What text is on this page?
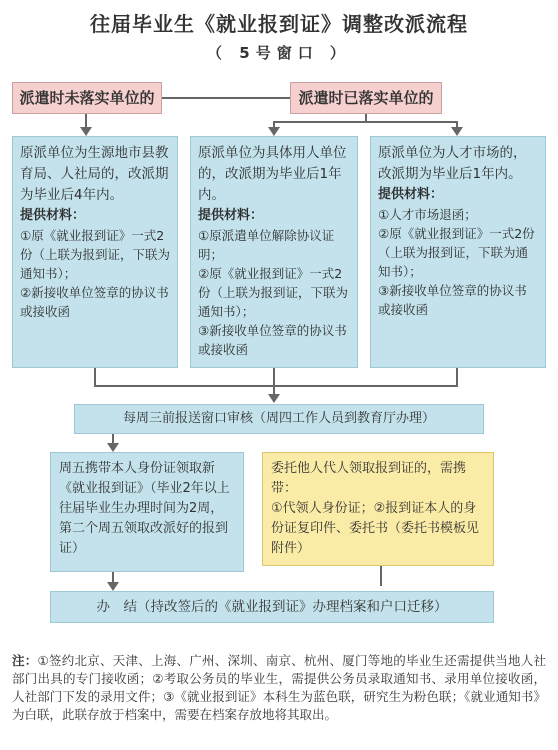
往届毕业生《就业报到证》调整改派流程
（ 5号窗口 ）
派遣时未落实单位的	派遣时已落实单位的
原派单位为生源地市县教育局、人社局的，改派期为毕业后4年内。
提供材料：
①原《就业报到证》一式2份（上联为报到证，下联为通知书）；
②新接收单位签章的协议书或接收函
原派单位为具体用人单位的，改派期为毕业后1年内。
提供材料：
①原派遣单位解除协议证明；
②原《就业报到证》一式2份（上联为报到证，下联为通知书）；
③新接收单位签章的协议书或接收函
原派单位为人才市场的，改派期为毕业后1年内。
提供材料：
①人才市场退函；
②原《就业报到证》一式2份（上联为报到证，下联为通知书）；
③新接收单位签章的协议书或接收函
每周三前报送窗口审核（周四工作人员到教育厅办理）
周五携带本人身份证领取新《就业报到证》（毕业2年以上往届毕业生办理时间为2周，第二个周五领取改派好的报到证）
委托他人代人领取报到证的，需携带：
①代领人身份证；②报到证本人的身份证复印件、委托书（委托书模板见附件）
办　结（持改签后的《就业报到证》办理档案和户口迁移）
注：①签约北京、天津、上海、广州、深圳、南京、杭州、厦门等地的毕业生还需提供当地人社部门出具的专门接收函；②考取公务员的毕业生，需提供公务员录取通知书、录用单位接收函，人社部门下发的录用文件；③《就业报到证》本科生为蓝色联，研究生为粉色联；《就业通知书》为白联，此联存放于档案中，需要在档案存放地将其取出。
